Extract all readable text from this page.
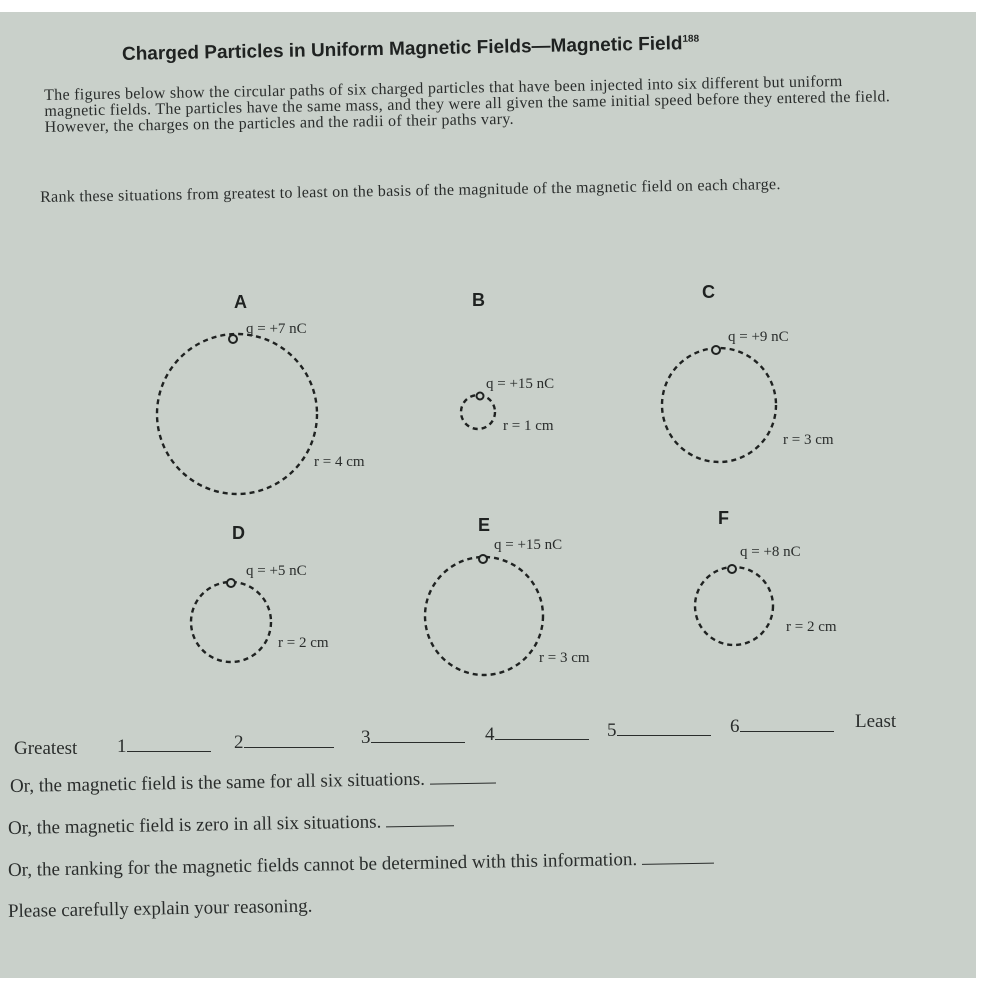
Charged Particles in Uniform Magnetic Fields—Magnetic Field$^{188}$
The figures below show the circular paths of six charged particles that have been injected into six different but uniform magnetic fields. The particles have the same mass, and they were all given the same initial speed before they entered the field. However, the charges on the particles and the radii of their paths vary.
Rank these situations from greatest to least on the basis of the magnitude of the magnetic field on each charge.
A	B	C
D	E	F
q = +7 nC
q = +15 nC
q = +9 nC
q = +5 nC
q = +15 nC	q = +8 nC
r = 4 cm
r = 1 cm
r = 3 cm
r = 2 cm
r = 3 cm
r = 2 cm
Greatest 1	2	3	4	5	6	Least
Or, the magnetic field is the same for all six situations.
Or, the magnetic field is zero in all six situations.
Or, the ranking for the magnetic fields cannot be determined with this information.
Please carefully explain your reasoning.
